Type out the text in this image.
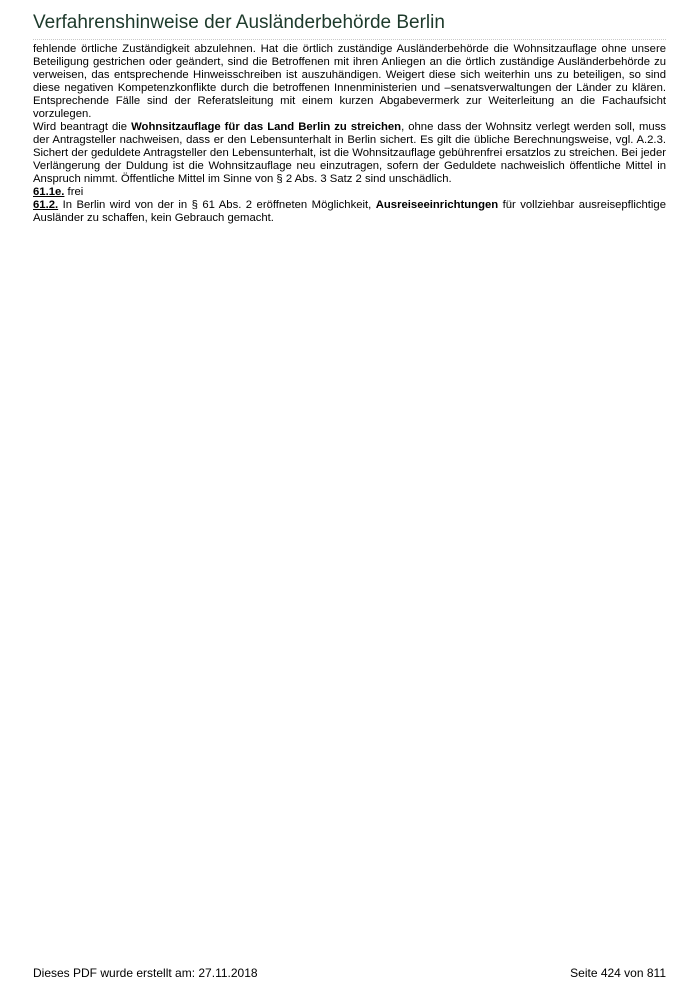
Verfahrenshinweise der Ausländerbehörde Berlin

fehlende örtliche Zuständigkeit abzulehnen. Hat die örtlich zuständige Ausländerbehörde die Wohnsitzauflage ohne unsere Beteiligung gestrichen oder geändert, sind die Betroffenen mit ihren Anliegen an die örtlich zuständige Ausländerbehörde zu verweisen, das entsprechende Hinweisschreiben ist auszuhändigen. Weigert diese sich weiterhin uns zu beteiligen, so sind diese negativen Kompetenzkonflikte durch die betroffenen Innenministerien und –senatsverwaltungen der Länder zu klären. Entsprechende Fälle sind der Referatsleitung mit einem kurzen Abgabevermerk zur Weiterleitung an die Fachaufsicht vorzulegen.

Wird beantragt die Wohnsitzauflage für das Land Berlin zu streichen, ohne dass der Wohnsitz verlegt werden soll, muss der Antragsteller nachweisen, dass er den Lebensunterhalt in Berlin sichert. Es gilt die übliche Berechnungsweise, vgl. A.2.3. Sichert der geduldete Antragsteller den Lebensunterhalt, ist die Wohnsitzauflage gebührenfrei ersatzlos zu streichen. Bei jeder Verlängerung der Duldung ist die Wohnsitzauflage neu einzutragen, sofern der Geduldete nachweislich öffentliche Mittel in Anspruch nimmt. Öffentliche Mittel im Sinne von § 2 Abs. 3 Satz 2 sind unschädlich.

61.1e. frei

61.2. In Berlin wird von der in § 61 Abs. 2 eröffneten Möglichkeit, Ausreiseeinrichtungen für vollziehbar ausreisepflichtige Ausländer zu schaffen, kein Gebrauch gemacht.

Dieses PDF wurde erstellt am: 27.11.2018	Seite 424 von 811
